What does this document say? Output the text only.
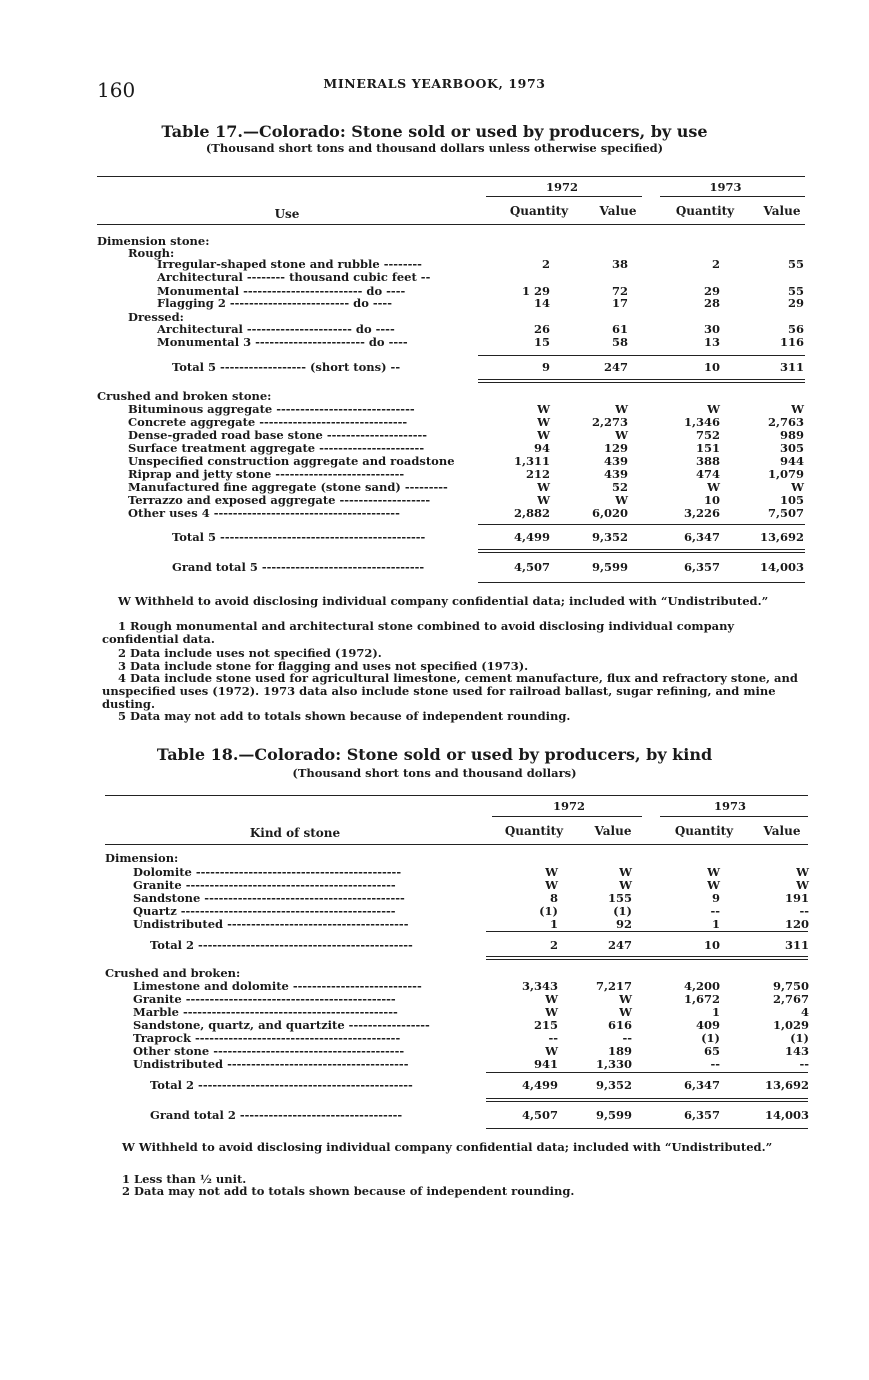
160	MINERALS YEARBOOK, 1973
Table 17.—Colorado: Stone sold or used by producers, by use
(Thousand short tons and thousand dollars unless otherwise specified)
1972	1973
Use	Quantity	Value	Quantity	Value
Dimension stone:
Rough:
Irregular-shaped stone and rubble --------	2	38	2	55
Architectural -------- thousand cubic feet --
Monumental ------------------------- do ----	1 29	72	29	55
Flagging 2 ------------------------- do ----	14	17	28	29
Dressed:
Architectural ---------------------- do ----	26	61	30	56
Monumental 3 ----------------------- do ----	15	58	13	116
Total 5 ------------------ (short tons) --	9	247	10	311
Crushed and broken stone:
Bituminous aggregate -----------------------------	W	W	W	W
Concrete aggregate -------------------------------	W	2,273	1,346	2,763
Dense-graded road base stone ---------------------	W	W	752	989
Surface treatment aggregate ----------------------	94	129	151	305
Unspecified construction aggregate and roadstone	1,311	439	388	944
Riprap and jetty stone ---------------------------	212	439	474	1,079
Manufactured fine aggregate (stone sand) ---------	W	52	W	W
Terrazzo and exposed aggregate -------------------	W	W	10	105
Other uses 4 ---------------------------------------	2,882	6,020	3,226	7,507
Total 5 -------------------------------------------	4,499	9,352	6,347	13,692
Grand total 5 ----------------------------------	4,507	9,599	6,357	14,003
W Withheld to avoid disclosing individual company confidential data; included with “Undistributed.”
1 Rough monumental and architectural stone combined to avoid disclosing individual company confidential data.
2 Data include uses not specified (1972).
3 Data include stone for flagging and uses not specified (1973).
4 Data include stone used for agricultural limestone, cement manufacture, flux and refractory stone, and unspecified uses (1972). 1973 data also include stone used for railroad ballast, sugar refining, and mine dusting.
5 Data may not add to totals shown because of independent rounding.
Table 18.—Colorado: Stone sold or used by producers, by kind
(Thousand short tons and thousand dollars)
1972	1973
Kind of stone	Quantity	Value	Quantity	Value
Dimension:
Dolomite -------------------------------------------	W	W	W	W
Granite --------------------------------------------	W	W	W	W
Sandstone ------------------------------------------	8	155	9	191
Quartz ---------------------------------------------	(1)	(1)	--	--
Undistributed --------------------------------------	1	92	1	120
Total 2 ---------------------------------------------	2	247	10	311
Crushed and broken:
Limestone and dolomite ---------------------------	3,343	7,217	4,200	9,750
Granite --------------------------------------------	W	W	1,672	2,767
Marble ---------------------------------------------	W	W	1	4
Sandstone, quartz, and quartzite -----------------	215	616	409	1,029
Traprock -------------------------------------------	--	--	(1)	(1)
Other stone ----------------------------------------	W	189	65	143
Undistributed --------------------------------------	941	1,330	--	--
Total 2 ---------------------------------------------	4,499	9,352	6,347	13,692
Grand total 2 ----------------------------------	4,507	9,599	6,357	14,003
W Withheld to avoid disclosing individual company confidential data; included with “Undistributed.”
1 Less than ½ unit.
2 Data may not add to totals shown because of independent rounding.
